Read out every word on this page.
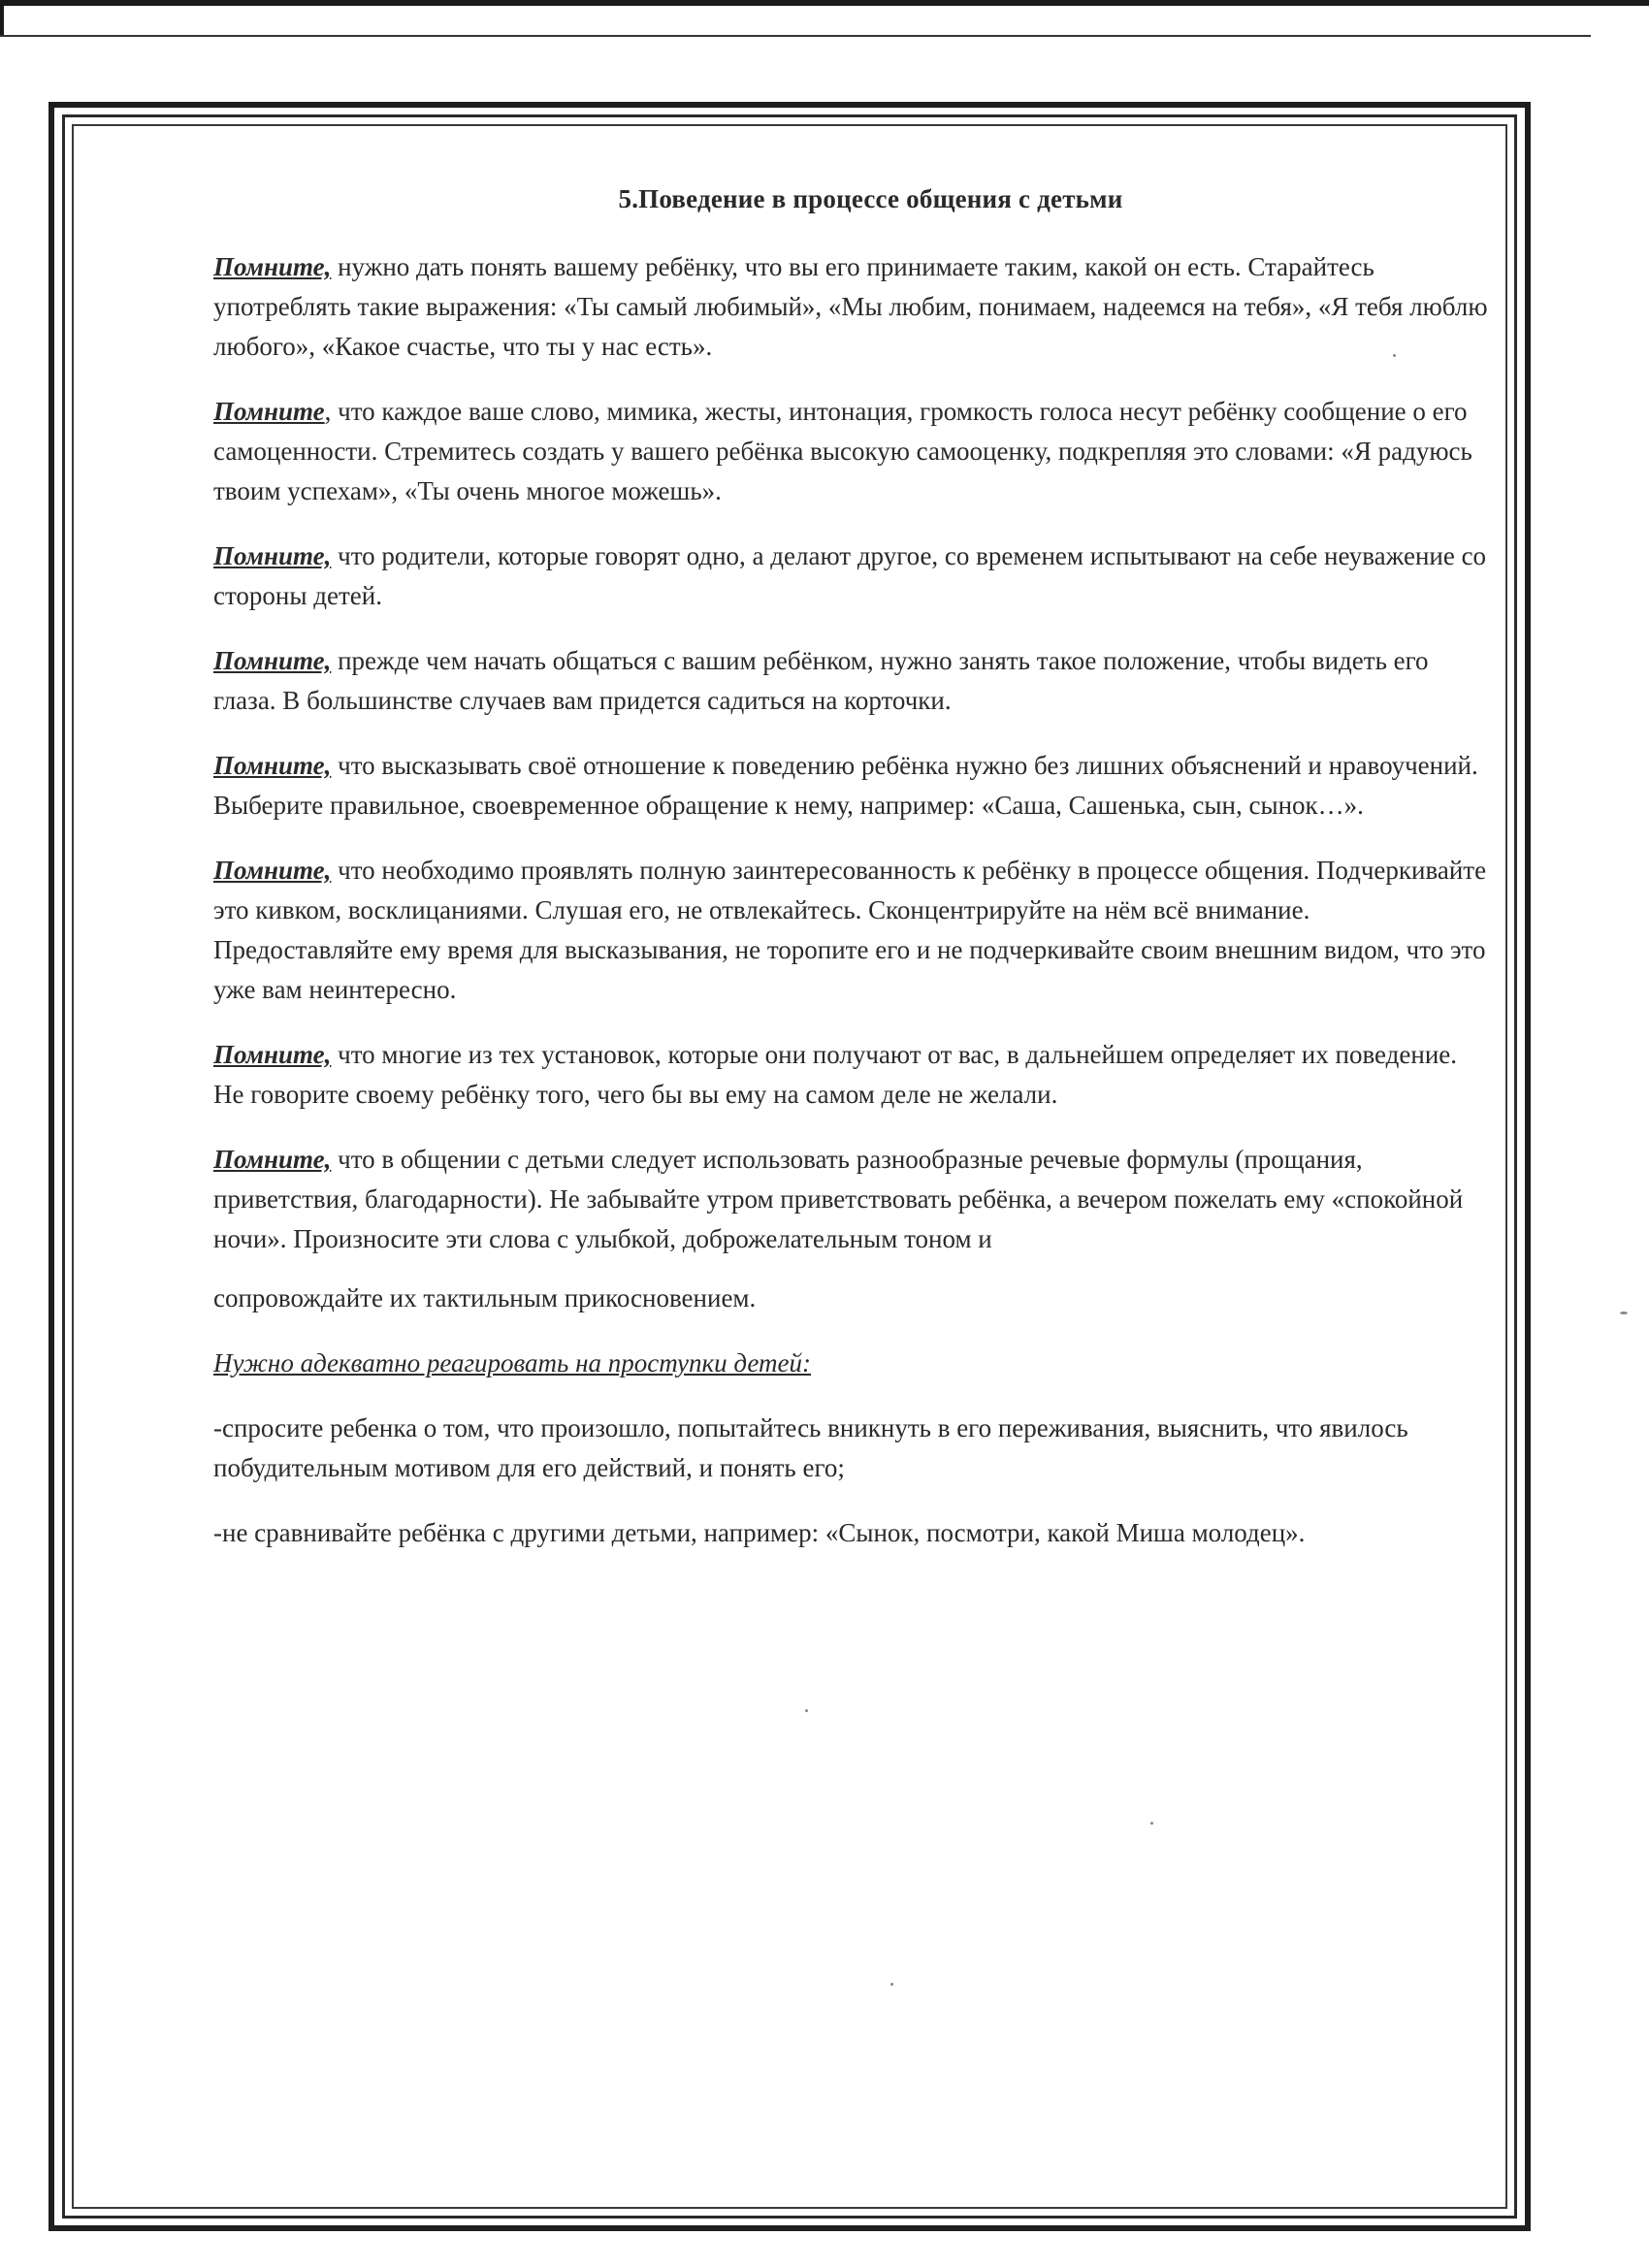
5.Поведение в процессе общения с детьми

Помните, нужно дать понять вашему ребёнку, что вы его принимаете таким, какой он есть. Старайтесь употреблять такие выражения: «Ты самый любимый», «Мы любим, понимаем, надеемся на тебя», «Я тебя люблю любого», «Какое счастье, что ты у нас есть».

Помните, что каждое ваше слово, мимика, жесты, интонация, громкость голоса несут ребёнку сообщение о его самоценности. Стремитесь создать у вашего ребёнка высокую самооценку, подкрепляя это словами: «Я радуюсь твоим успехам», «Ты очень многое можешь».

Помните, что родители, которые говорят одно, а делают другое, со временем испытывают на себе неуважение со стороны детей.

Помните, прежде чем начать общаться с вашим ребёнком, нужно занять такое положение, чтобы видеть его глаза. В большинстве случаев вам придется садиться на корточки.

Помните, что высказывать своё отношение к поведению ребёнка нужно без лишних объяснений и нравоучений. Выберите правильное, своевременное обращение к нему, например: «Саша, Сашенька, сын, сынок…».

Помните, что необходимо проявлять полную заинтересованность к ребёнку в процессе общения. Подчеркивайте это кивком, восклицаниями. Слушая его, не отвлекайтесь. Сконцентрируйте на нём всё внимание. Предоставляйте ему время для высказывания, не торопите его и не подчеркивайте своим внешним видом, что это уже вам неинтересно.

Помните, что многие из тех установок, которые они получают от вас, в дальнейшем определяет их поведение. Не говорите своему ребёнку того, чего бы вы ему на самом деле не желали.

Помните, что в общении с детьми следует использовать разнообразные речевые формулы (прощания, приветствия, благодарности). Не забывайте утром приветствовать ребёнка, а вечером пожелать ему «спокойной ночи». Произносите эти слова с улыбкой, доброжелательным тоном и

сопровождайте их тактильным прикосновением.

Нужно адекватно реагировать на проступки детей:

-спросите ребенка о том, что произошло, попытайтесь вникнуть в его переживания, выяснить, что явилось побудительным мотивом для его действий, и понять его;

-не сравнивайте ребёнка с другими детьми, например: «Сынок, посмотри, какой Миша молодец».
